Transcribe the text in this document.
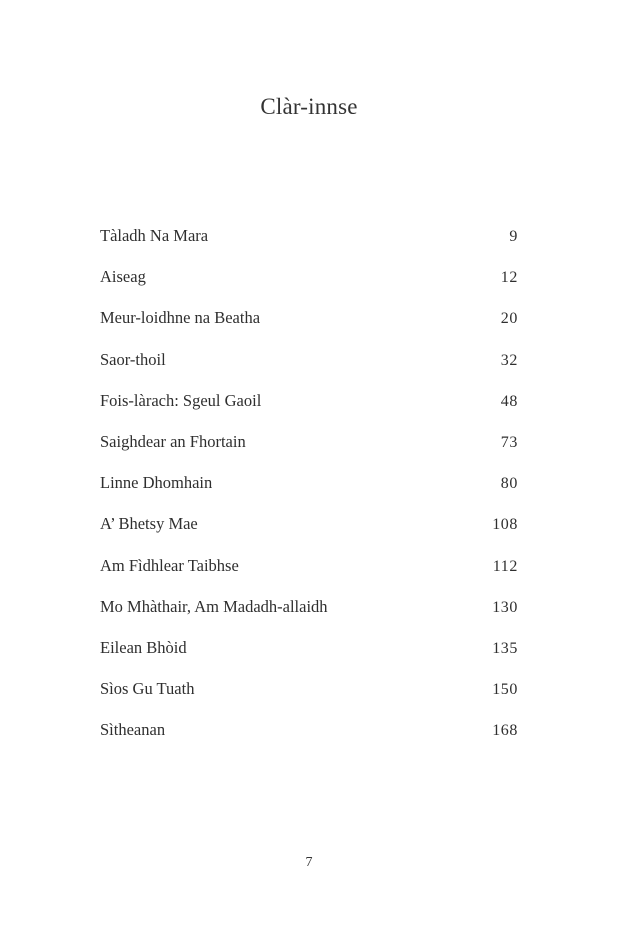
Clàr-innse
Tàladh Na Mara	9
Aiseag	12
Meur-loidhne na Beatha	20
Saor-thoil	32
Fois-làrach: Sgeul Gaoil	48
Saighdear an Fhortain	73
Linne Dhomhain	80
A’ Bhetsy Mae	108
Am Fìdhlear Taibhse	112
Mo Mhàthair, Am Madadh-allaidh	130
Eilean Bhòid	135
Sìos Gu Tuath	150
Sìtheanan	168
7
